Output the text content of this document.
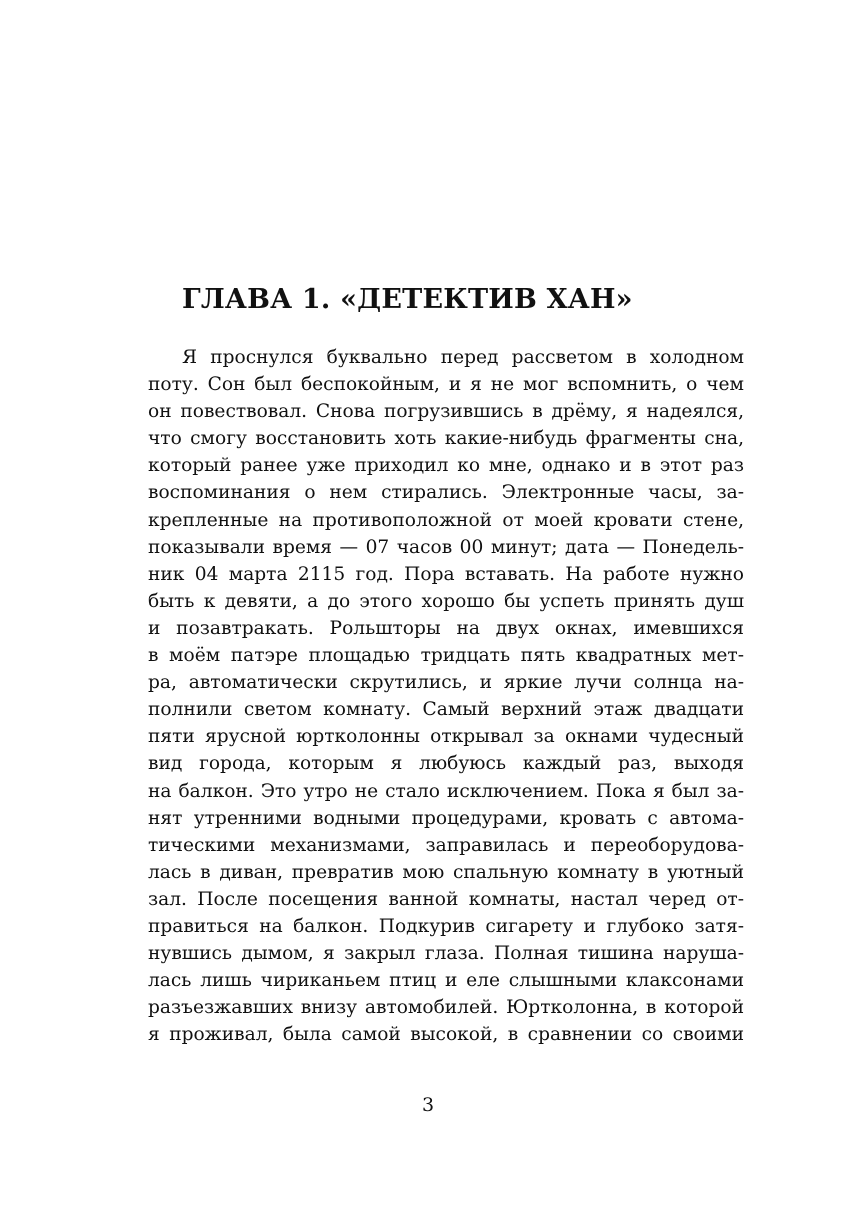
ГЛАВА 1. «ДЕТЕКТИВ ХАН»
Я проснулся буквально перед рассветом в холодном
поту. Сон был беспокойным, и я не мог вспомнить, о чем
он повествовал. Снова погрузившись в дрёму, я надеялся,
что смогу восстановить хоть какие-нибудь фрагменты сна,
который ранее уже приходил ко мне, однако и в этот раз
воспоминания о нем стирались. Электронные часы, за-
крепленные на противоположной от моей кровати стене,
показывали время — 07 часов 00 минут; дата — Понедель-
ник 04 марта 2115 год. Пора вставать. На работе нужно
быть к девяти, а до этого хорошо бы успеть принять душ
и позавтракать. Рольшторы на двух окнах, имевшихся
в моём патэре площадью тридцать пять квадратных мет-
ра, автоматически скрутились, и яркие лучи солнца на-
полнили светом комнату. Самый верхний этаж двадцати
пяти ярусной юртколонны открывал за окнами чудесный
вид города, которым я любуюсь каждый раз, выходя
на балкон. Это утро не стало исключением. Пока я был за-
нят утренними водными процедурами, кровать с автома-
тическими механизмами, заправилась и переоборудова-
лась в диван, превратив мою спальную комнату в уютный
зал. После посещения ванной комнаты, настал черед от-
правиться на балкон. Подкурив сигарету и глубоко затя-
нувшись дымом, я закрыл глаза. Полная тишина наруша-
лась лишь чириканьем птиц и еле слышными клаксонами
разъезжавших внизу автомобилей. Юртколонна, в которой
я проживал, была самой высокой, в сравнении со своими
3
